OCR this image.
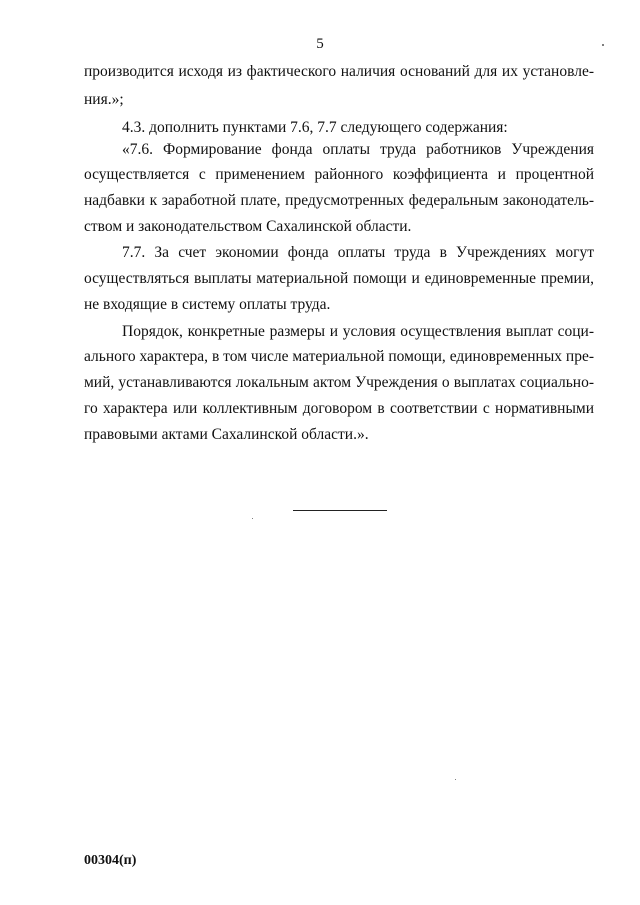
5
производится исходя из фактического наличия оснований для их установле-
ния.»;
4.3. дополнить пунктами 7.6, 7.7 следующего содержания:
«7.6. Формирование фонда оплаты труда работников Учреждения
осуществляется с применением районного коэффициента и процентной
надбавки к заработной плате, предусмотренных федеральным законодатель-
ством и законодательством Сахалинской области.
7.7. За счет экономии фонда оплаты труда в Учреждениях могут
осуществляться выплаты материальной помощи и единовременные премии,
не входящие в систему оплаты труда.
Порядок, конкретные размеры и условия осуществления выплат соци-
ального характера, в том числе материальной помощи, единовременных пре-
мий, устанавливаются локальным актом Учреждения о выплатах социально-
го характера или коллективным договором в соответствии с нормативными
правовыми актами Сахалинской области.».
00304(п)
